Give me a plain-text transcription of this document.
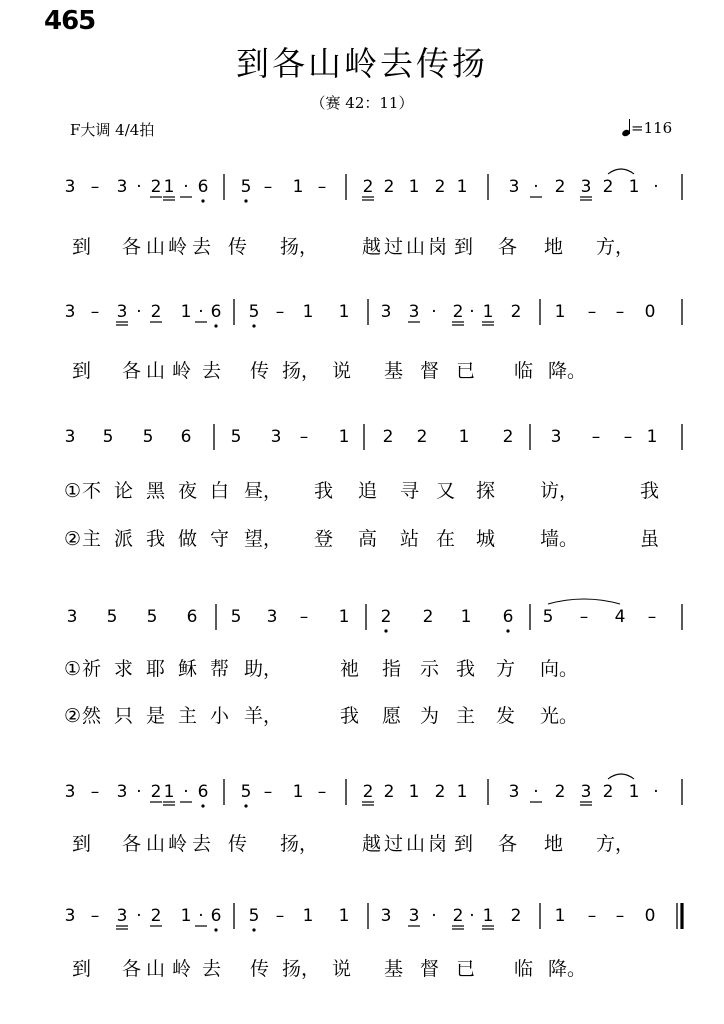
465
到各山岭去传扬
（赛 42：11）
F大调 4/4拍	=116
3 – 3 · 2 1 · 6 5 – 1 – 2 2 1 2 1 3 · 2 3 2 1 ·
到 各 山 岭 去 传 扬， 越 过 山 岗 到 各 地 方，
3 – 3 · 2 1 · 6 5 – 1 1 3 3 · 2 · 1 2 1 – – 0
到 各 山 岭 去 传 扬， 说 基 督 已 临 降。
3 5 5 6 5 3 – 1 2 2 1 2 3 – – 1
① 不 论 黑 夜 白 昼， 我 追 寻 又 探 访，	我
② 主 派 我 做 守 望， 登 高 站 在 城 墙。	虽
3 5 5 6 5 3 – 1 2 2 1 6 5 – 4 –
① 祈 求 耶 稣 帮 助，	祂 指 示 我 方 向。
② 然 只 是 主 小 羊，	我 愿 为 主 发 光。
3 – 3 · 2 1 · 6 5 – 1 – 2 2 1 2 1 3 · 2 3 2 1 ·
到 各 山 岭 去 传 扬， 越 过 山 岗 到 各 地 方，
3 – 3 · 2 1 · 6 5 – 1 1 3 3 · 2 · 1 2 1 – – 0
到 各 山 岭 去 传 扬， 说 基 督 已 临 降。
